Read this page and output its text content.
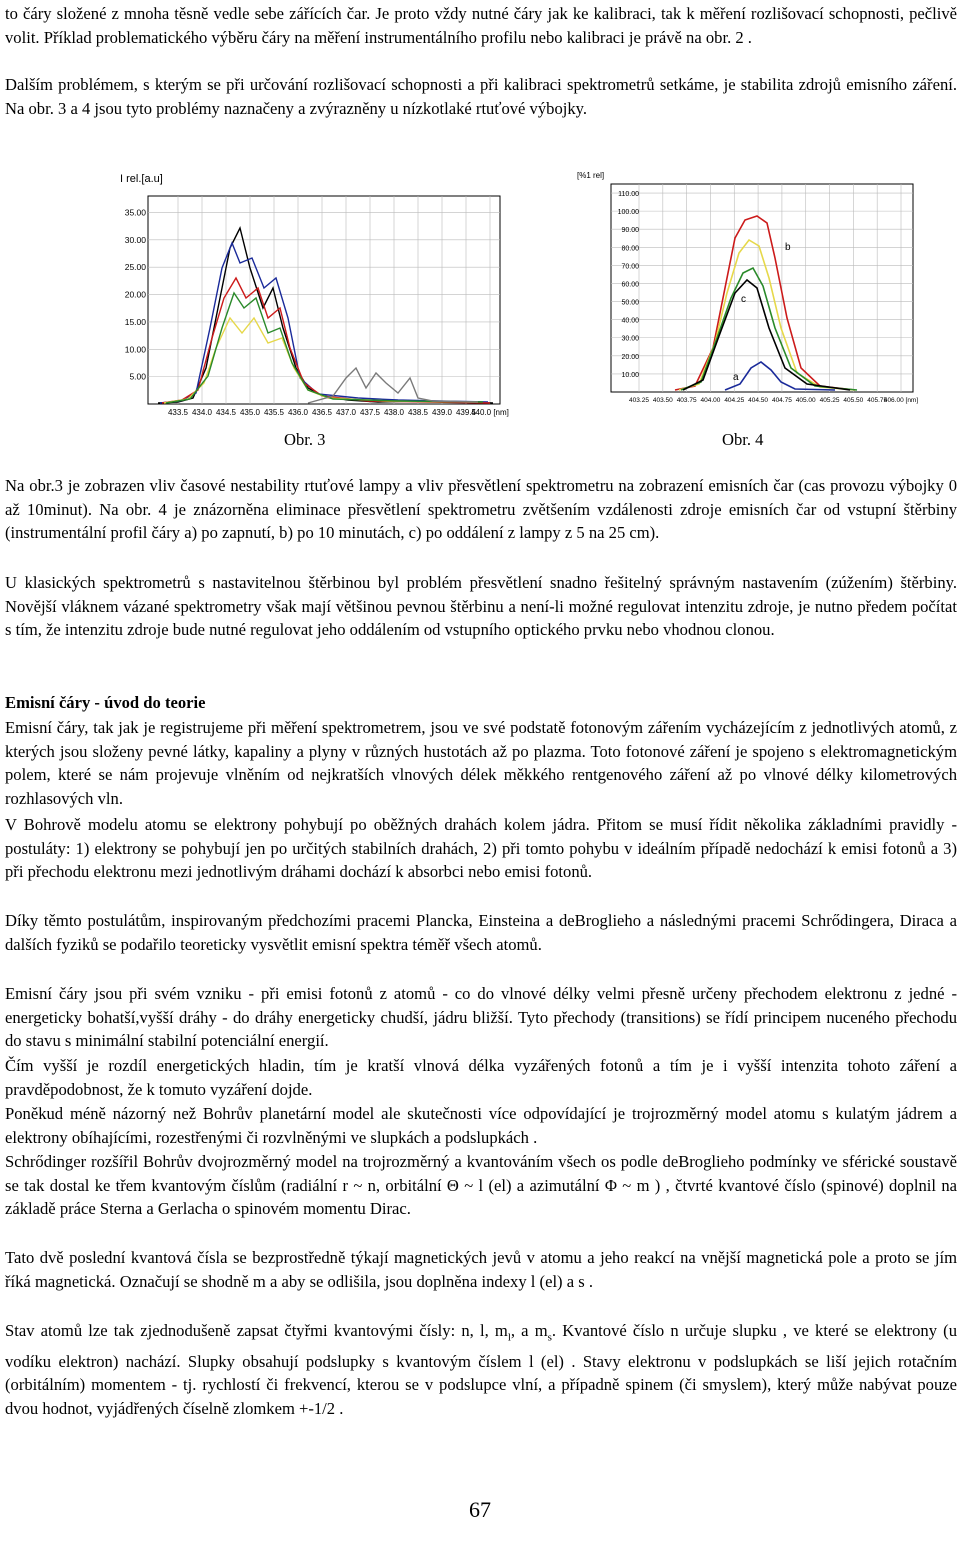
to čáry složené z mnoha těsně vedle sebe zářících čar. Je proto vždy nutné čáry jak ke kalibraci, tak k měření rozlišovací schopnosti, pečlivě volit. Příklad problematického výběru čáry na měření instrumentálního profilu nebo kalibraci je právě na obr. 2 .

Dalším problémem, s kterým se při určování rozlišovací schopnosti a při kalibraci spektrometrů setkáme, je stabilita zdrojů emisního záření. Na obr. 3 a 4 jsou tyto problémy naznačeny a zvýrazněny u nízkotlaké rtuťové výbojky.

I rel.[a.u]
35.00
30.00
25.00
20.00
15.00
10.00
5.00
433.5 434.0 434.5 435.0 435.5 436.0 436.5 437.0 437.5 438.0 438.5 439.0 439.5
440.0 [nm]
Obr. 3
[%1 rel]
110.00
100.00
90.00
80.00
70.00
60.00
50.00
40.00
30.00
20.00
10.00
403.25 403.50 403.75 404.00 404.25 404.50 404.75 405.00 405.25 405.50 405.75
406.00 [nm]
b
c
a
Obr. 4

Na obr.3 je zobrazen vliv časové nestability rtuťové lampy a vliv přesvětlení spektrometru na zobrazení emisních čar (cas provozu výbojky 0 až 10minut). Na obr. 4 je znázorněna eliminace přesvětlení spektrometru zvětšením vzdálenosti zdroje emisních čar od vstupní štěrbiny (instrumentální profil čáry a) po zapnutí, b) po 10 minutách, c) po oddálení z lampy z 5 na 25 cm).

U klasických spektrometrů s nastavitelnou štěrbinou byl problém přesvětlení snadno řešitelný správným nastavením (zúžením) štěrbiny. Novější vláknem vázané spektrometry však mají většinou pevnou štěrbinu a není-li možné regulovat intenzitu zdroje, je nutno předem počítat s tím, že intenzitu zdroje bude nutné regulovat jeho oddálením od vstupního optického prvku nebo vhodnou clonou.

Emisní čáry - úvod do teorie

Emisní čáry, tak jak je registrujeme při měření spektrometrem, jsou ve své podstatě fotonovým zářením vycházejícím z jednotlivých atomů, z kterých jsou složeny pevné látky, kapaliny a plyny v různých hustotách až po plazma. Toto fotonové záření je spojeno s elektromagnetickým polem, které se nám projevuje vlněním od nejkratších vlnových délek měkkého rentgenového záření až po vlnové délky kilometrových rozhlasových vln.

V Bohrově modelu atomu se elektrony pohybují po oběžných drahách kolem jádra. Přitom se musí řídit několika základními pravidly - postuláty: 1) elektrony se pohybují jen po určitých stabilních drahách, 2) při tomto pohybu v ideálním případě nedochází k emisi fotonů a 3) při přechodu elektronu mezi jednotlivým dráhami dochází k absorbci nebo emisi fotonů.

Díky těmto postulátům, inspirovaným předchozími pracemi Plancka, Einsteina a deBroglieho a následnými pracemi Schrődingera, Diraca a dalších fyziků se podařilo teoreticky vysvětlit emisní spektra téměř všech atomů.

Emisní čáry jsou při svém vzniku - při emisi fotonů z atomů - co do vlnové délky velmi přesně určeny přechodem elektronu z jedné - energeticky bohatší,vyšší dráhy - do dráhy energeticky chudší, jádru bližší. Tyto přechody (transitions) se řídí principem nuceného přechodu do stavu s minimální stabilní potenciální energií.

Čím vyšší je rozdíl energetických hladin, tím je kratší vlnová délka vyzářených fotonů a tím je i vyšší intenzita tohoto záření a pravděpodobnost, že k tomuto vyzáření dojde.

Poněkud méně názorný než Bohrův planetární model ale skutečnosti více odpovídající je trojrozměrný model atomu s kulatým jádrem a elektrony obíhajícími, rozestřenými či rozvlněnými ve slupkách a podslupkách .

Schrődinger rozšířil Bohrův dvojrozměrný model na trojrozměrný a kvantováním všech os podle deBroglieho podmínky ve sférické soustavě se tak dostal ke třem kvantovým číslům (radiální r ~ n, orbitální Θ ~ l (el) a azimutální Φ ~ m ) , čtvrté kvantové číslo (spinové) doplnil na základě práce Sterna a Gerlacha o spinovém momentu Dirac.

Tato dvě poslední kvantová čísla se bezprostředně týkají magnetických jevů v atomu a jeho reakcí na vnější magnetická pole a proto se jím říká magnetická. Označují se shodně m a aby se odlišila, jsou doplněna indexy l (el) a s .

Stav atomů lze tak zjednodušeně zapsat čtyřmi kvantovými čísly: n, l, $m_l$, a $m_s$. Kvantové číslo n určuje slupku , ve které se elektrony (u vodíku elektron) nachází. Slupky obsahují podslupky s kvantovým číslem l (el) . Stavy elektronu v podslupkách se liší jejich rotačním (orbitálním) momentem - tj. rychlostí či frekvencí, kterou se v podslupce vlní, a případně spinem (či smyslem), který může nabývat pouze dvou hodnot, vyjádřených číselně zlomkem +-1/2 .

67
